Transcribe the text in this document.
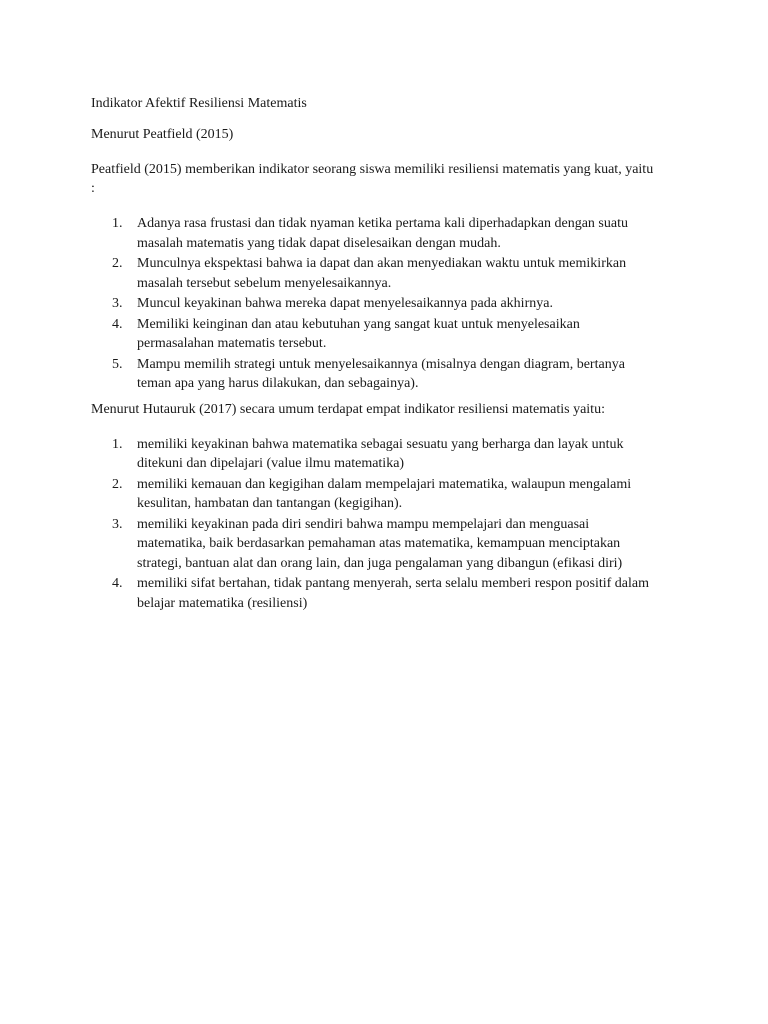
Indikator Afektif Resiliensi Matematis

Menurut Peatfield (2015)

Peatfield (2015) memberikan indikator seorang siswa memiliki resiliensi matematis yang kuat, yaitu :

1. Adanya rasa frustasi dan tidak nyaman ketika pertama kali diperhadapkan dengan suatu masalah matematis yang tidak dapat diselesaikan dengan mudah.
2. Munculnya ekspektasi bahwa ia dapat dan akan menyediakan waktu untuk memikirkan masalah tersebut sebelum menyelesaikannya.
3. Muncul keyakinan bahwa mereka dapat menyelesaikannya pada akhirnya.
4. Memiliki keinginan dan atau kebutuhan yang sangat kuat untuk menyelesaikan permasalahan matematis tersebut.
5. Mampu memilih strategi untuk menyelesaikannya (misalnya dengan diagram, bertanya teman apa yang harus dilakukan, dan sebagainya).

Menurut Hutauruk (2017) secara umum terdapat empat indikator resiliensi matematis yaitu:

1. memiliki keyakinan bahwa matematika sebagai sesuatu yang berharga dan layak untuk ditekuni dan dipelajari (value ilmu matematika)
2. memiliki kemauan dan kegigihan dalam mempelajari matematika, walaupun mengalami kesulitan, hambatan dan tantangan (kegigihan).
3. memiliki keyakinan pada diri sendiri bahwa mampu mempelajari dan menguasai matematika, baik berdasarkan pemahaman atas matematika, kemampuan menciptakan strategi, bantuan alat dan orang lain, dan juga pengalaman yang dibangun (efikasi diri)
4. memiliki sifat bertahan, tidak pantang menyerah, serta selalu memberi respon positif dalam belajar matematika (resiliensi)
